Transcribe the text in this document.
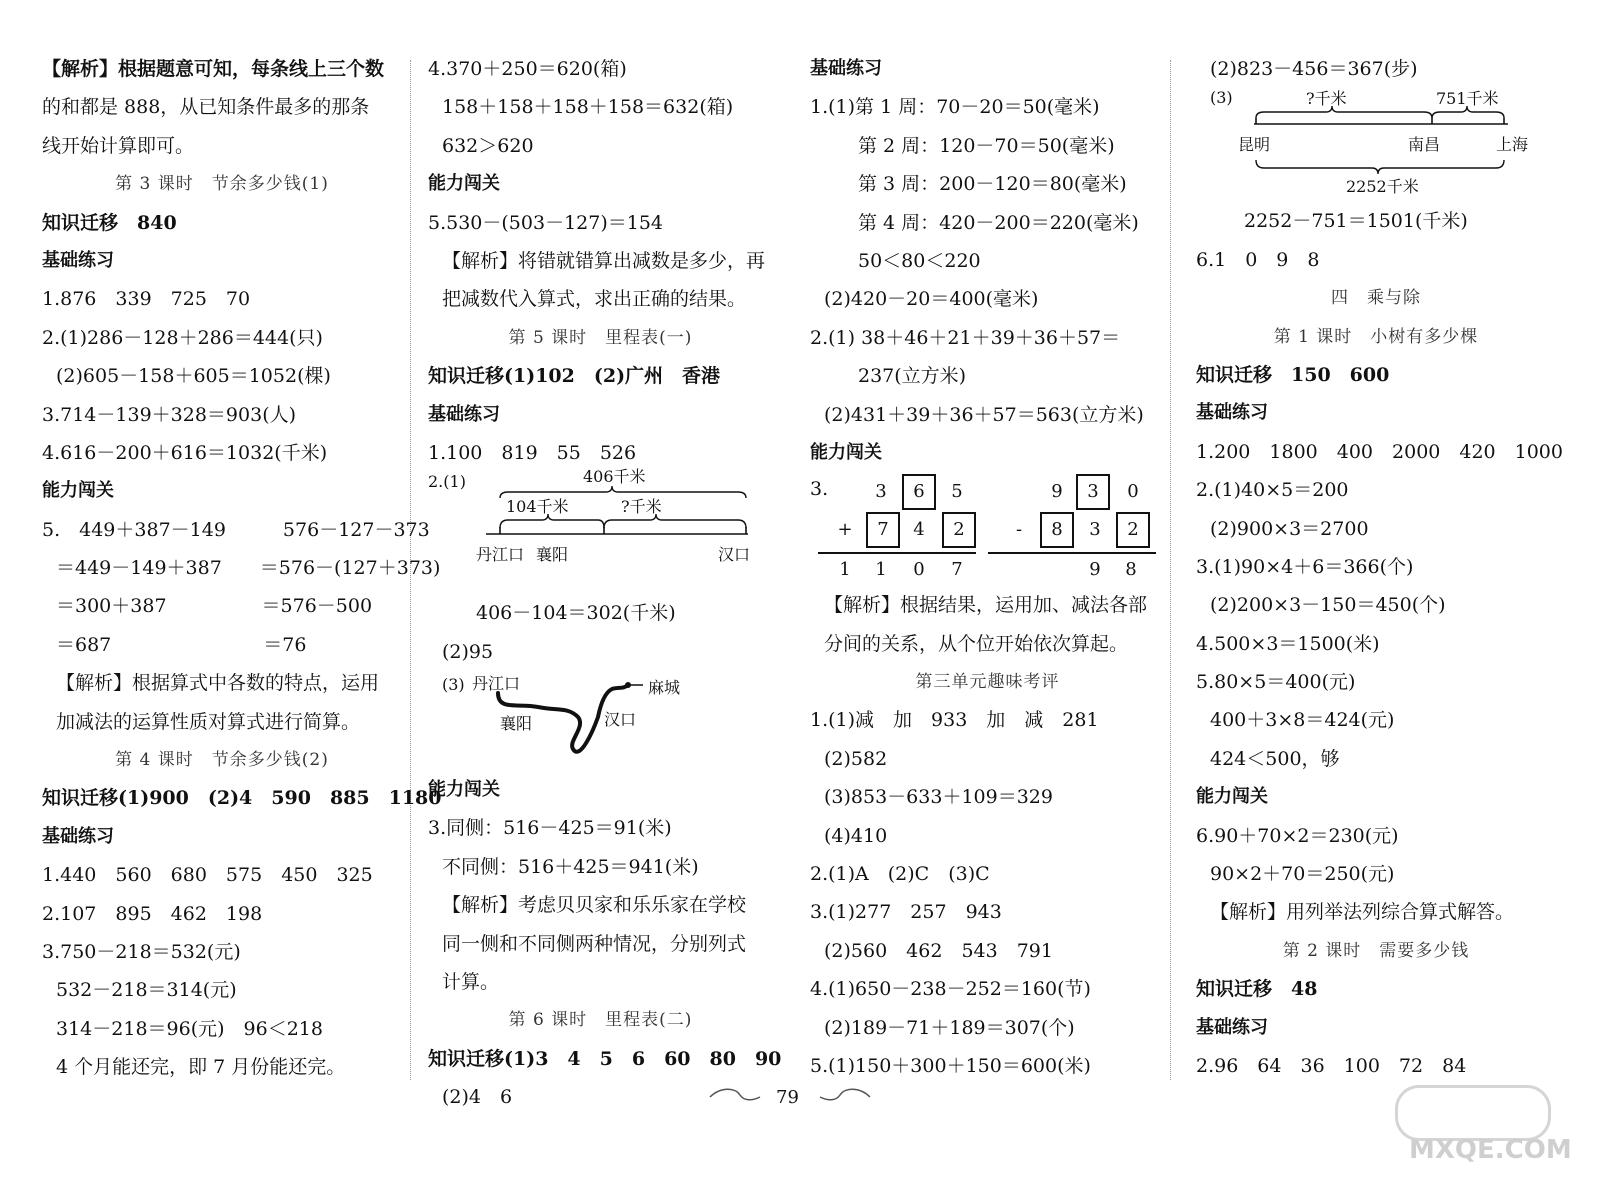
【解析】根据题意可知，每条线上三个数
的和都是 888，从已知条件最多的那条
线开始计算即可。
第 3 课时　节余多少钱(1)
知识迁移　840
基础练习
1.876　339　725　70
2.(1)286－128＋286＝444(只)
(2)605－158＋605＝1052(棵)
3.714－139＋328＝903(人)
4.616－200＋616＝1032(千米)
能力闯关
5.　449＋387－149　　　576－127－373
＝449－149＋387　　＝576－(127＋373)
＝300＋387　　　　　＝576－500
＝687　　　　　　　　＝76
【解析】根据算式中各数的特点，运用
加减法的运算性质对算式进行简算。
第 4 课时　节余多少钱(2)
知识迁移(1)900　(2)4　590　885　1180
基础练习
1.440　560　680　575　450　325
2.107　895　462　198
3.750－218＝532(元)
532－218＝314(元)
314－218＝96(元)　96＜218
4 个月能还完，即 7 月份能还完。
4.370＋250＝620(箱)
158＋158＋158＋158＝632(箱)
632＞620
能力闯关
5.530－(503－127)＝154
【解析】将错就错算出减数是多少，再
把减数代入算式，求出正确的结果。
第 5 课时　里程表(一)
知识迁移(1)102　(2)广州　香港
基础练习
1.100　819　55　526
2.(1)	406千米
104千米	?千米
丹江口 襄阳	汉口
406－104＝302(千米)
(2)95
(3) 丹江口	麻城
襄阳	汉口
能力闯关
3.同侧：516－425＝91(米)
不同侧：516＋425＝941(米)
【解析】考虑贝贝家和乐乐家在学校
同一侧和不同侧两种情况，分别列式
计算。
第 6 课时　里程表(二)
知识迁移(1)3　4　5　6　60　80　90
(2)4　6
基础练习
1.(1)第 1 周：70－20＝50(毫米)
第 2 周：120－70＝50(毫米)
第 3 周：200－120＝80(毫米)
第 4 周：420－200＝220(毫米)
50＜80＜220
(2)420－20＝400(毫米)
2.(1) 38＋46＋21＋39＋36＋57＝
237(立方米)
(2)431＋39＋36＋57＝563(立方米)
能力闯关
3.	3	6	5
+	7	4	2
1	1	0	7
9	3	0
-	8	3	2
9	8
【解析】根据结果，运用加、减法各部
分间的关系，从个位开始依次算起。
第三单元趣味考评
1.(1)减　加　933　加　减　281
(2)582
(3)853－633＋109＝329
(4)410
2.(1)A　(2)C　(3)C
3.(1)277　257　943
(2)560　462　543　791
4.(1)650－238－252＝160(节)
(2)189－71＋189＝307(个)
5.(1)150＋300＋150＝600(米)
(2)823－456＝367(步)
(3)	?千米	751千米
昆明	南昌	上海
2252千米
2252－751＝1501(千米)
6.1　0　9　8
四　乘与除
第 1 课时　小树有多少棵
知识迁移　150　600
基础练习
1.200　1800　400　2000　420　1000
2.(1)40×5＝200
(2)900×3＝2700
3.(1)90×4＋6＝366(个)
(2)200×3－150＝450(个)
4.500×3＝1500(米)
5.80×5＝400(元)
400＋3×8＝424(元)
424＜500，够
能力闯关
6.90＋70×2＝230(元)
90×2＋70＝250(元)
【解析】用列举法列综合算式解答。
第 2 课时　需要多少钱
知识迁移　48
基础练习
2.96　64　36　100　72　84
79
MXQE.COM
